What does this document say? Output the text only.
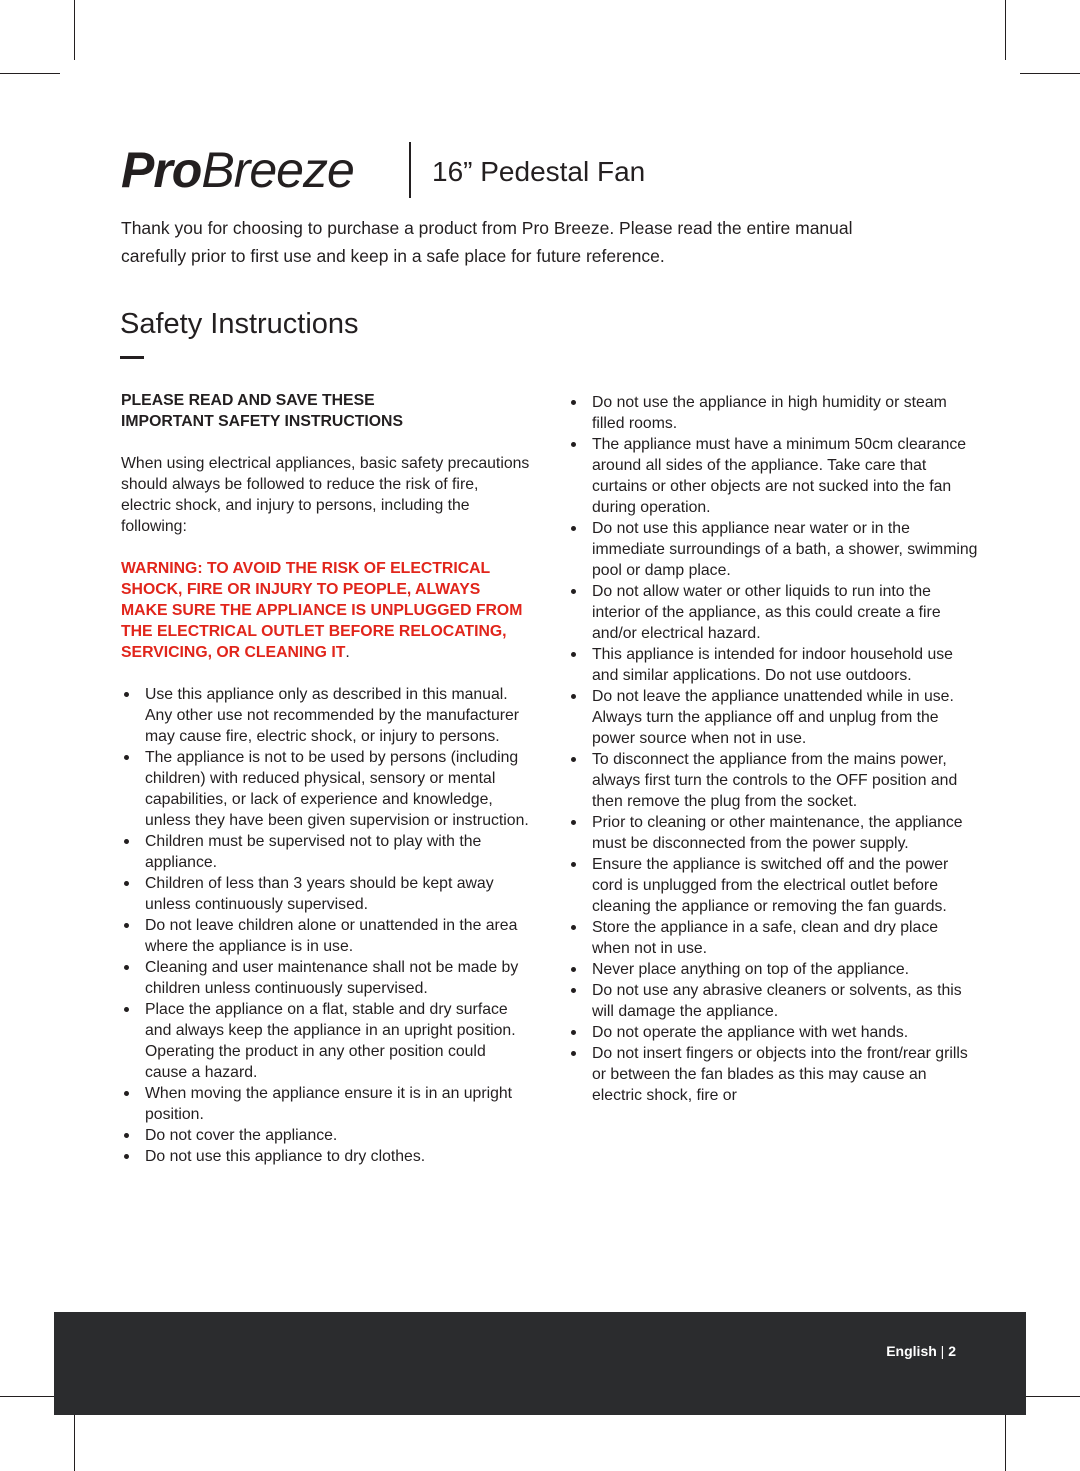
ProBreeze	16” Pedestal Fan

Thank you for choosing to purchase a product from Pro Breeze. Please read the entire manual carefully prior to first use and keep in a safe place for future reference.

Safety Instructions
PLEASE READ AND SAVE THESE
IMPORTANT SAFETY INSTRUCTIONS

When using electrical appliances, basic safety precautions should always be followed to reduce the risk of fire, electric shock, and injury to persons, including the following:

WARNING: TO AVOID THE RISK OF ELECTRICAL SHOCK, FIRE OR INJURY TO PEOPLE, ALWAYS MAKE SURE THE APPLIANCE IS UNPLUGGED FROM THE ELECTRICAL OUTLET BEFORE RELOCATING, SERVICING, OR CLEANING IT.

Use this appliance only as described in this manual. Any other use not recommended by the manufacturer may cause fire, electric shock, or injury to persons.
The appliance is not to be used by persons (including children) with reduced physical, sensory or mental capabilities, or lack of experience and knowledge, unless they have been given supervision or instruction.
Children must be supervised not to play with the appliance.
Children of less than 3 years should be kept away unless continuously supervised.
Do not leave children alone or unattended in the area where the appliance is in use.
Cleaning and user maintenance shall not be made by children unless continuously supervised.
Place the appliance on a flat, stable and dry surface and always keep the appliance in an upright position. Operating the product in any other position could cause a hazard.
When moving the appliance ensure it is in an upright position.
Do not cover the appliance.
Do not use this appliance to dry clothes.
Do not use the appliance in high humidity or steam filled rooms.
The appliance must have a minimum 50cm clearance around all sides of the appliance. Take care that curtains or other objects are not sucked into the fan during operation.
Do not use this appliance near water or in the immediate surroundings of a bath, a shower, swimming pool or damp place.
Do not allow water or other liquids to run into the interior of the appliance, as this could create a fire and/or electrical hazard.
This appliance is intended for indoor household use and similar applications. Do not use outdoors.
Do not leave the appliance unattended while in use. Always turn the appliance off and unplug from the power source when not in use.
To disconnect the appliance from the mains power, always first turn the controls to the OFF position and then remove the plug from the socket.
Prior to cleaning or other maintenance, the appliance must be disconnected from the power supply.
Ensure the appliance is switched off and the power cord is unplugged from the electrical outlet before cleaning the appliance or removing the fan guards.
Store the appliance in a safe, clean and dry place when not in use.
Never place anything on top of the appliance.
Do not use any abrasive cleaners or solvents, as this will damage the appliance.
Do not operate the appliance with wet hands.
Do not insert fingers or objects into the front/rear grills or between the fan blades as this may cause an electric shock, fire or
English | 2
